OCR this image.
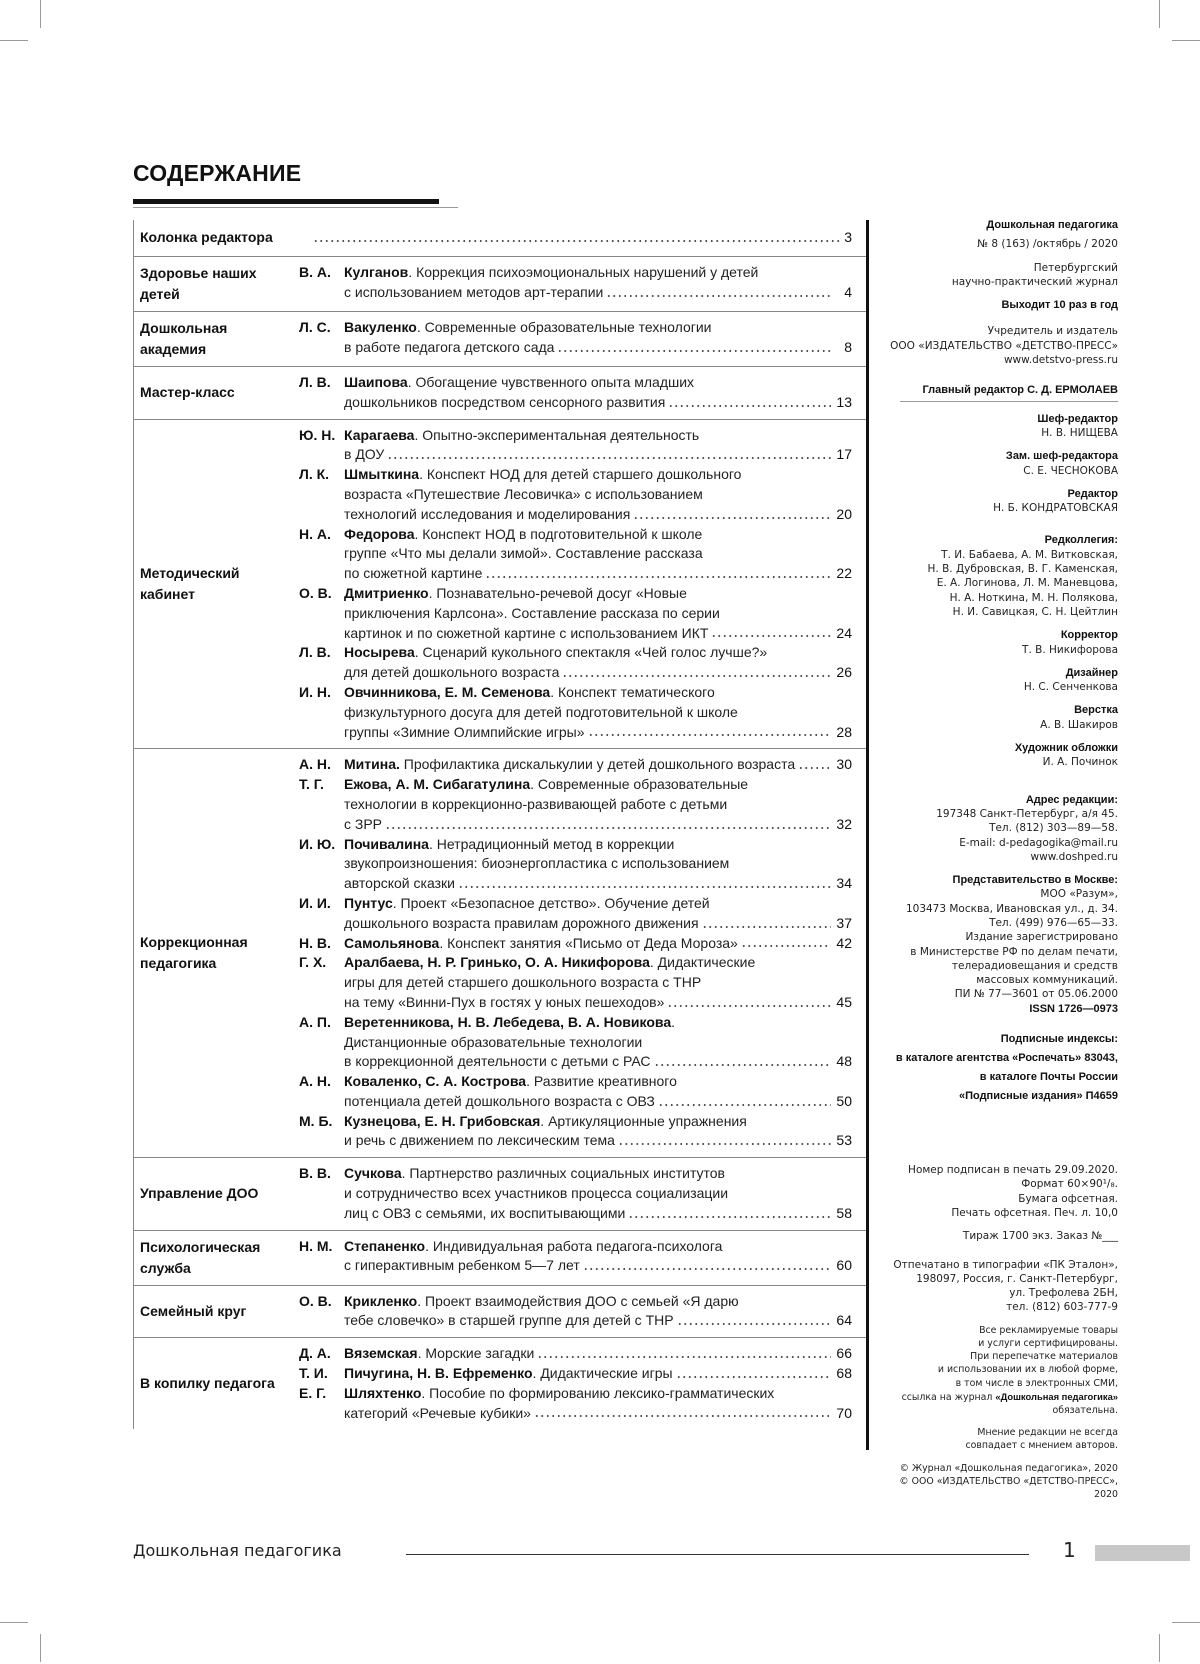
СОДЕРЖАНИЕ
Колонка редактора	3
Здоровье наших детей
В. А. Кулганов. Коррекция психоэмоциональных нарушений у детей
с использованием методов арт-терапии	4
Дошкольная академия
Л. С. Вакуленко. Современные образовательные технологии
в работе педагога детского сада	8
Мастер-класс
Л. В. Шаипова. Обогащение чувственного опыта младших
дошкольников посредством сенсорного развития	13
Методический кабинет
Ю. Н. Карагаева. Опытно-экспериментальная деятельность
в ДОУ	17
Л. К.	Шмыткина. Конспект НОД для детей старшего дошкольного
возраста «Путешествие Лесовичка» с использованием
технологий исследования и моделирования	20
Н. А. Федорова. Конспект НОД в подготовительной к школе
группе «Что мы делали зимой». Составление рассказа
по сюжетной картине	22
О. В. Дмитриенко. Познавательно-речевой досуг «Новые
приключения Карлсона». Составление рассказа по серии
картинок и по сюжетной картине с использованием ИКТ	24
Л. В. Носырева. Сценарий кукольного спектакля «Чей голос лучше?»
для детей дошкольного возраста	26
И. Н. Овчинникова, Е. М. Семенова. Конспект тематического
физкультурного досуга для детей подготовительной к школе
группы «Зимние Олимпийские игры»	28
Коррекционная педагогика
А. Н. Митина. Профилактика дискалькулии у детей дошкольного возраста	30
Т. Г.	Ежова, А. М. Сибагатулина. Современные образовательные
технологии в коррекционно-развивающей работе с детьми
с ЗРР	32
И. Ю. Почивалина. Нетрадиционный метод в коррекции
звукопроизношения: биоэнергопластика с использованием
авторской сказки	34
И. И. Пунтус. Проект «Безопасное детство». Обучение детей
дошкольного возраста правилам дорожного движения	37
Н. В. Самольянова. Конспект занятия «Письмо от Деда Мороза»	42
Г. Х.	Аралбаева, Н. Р. Гринько, О. А. Никифорова. Дидактические
игры для детей старшего дошкольного возраста с ТНР
на тему «Винни-Пух в гостях у юных пешеходов»	45
А. П. Веретенникова, Н. В. Лебедева, В. А. Новикова.
Дистанционные образовательные технологии
в коррекционной деятельности с детьми с РАС	48
А. Н. Коваленко, С. А. Кострова. Развитие креативного
потенциала детей дошкольного возраста с ОВЗ	50
М. Б. Кузнецова, Е. Н. Грибовская. Артикуляционные упражнения
и речь с движением по лексическим тема	53
Управление ДОО
В. В. Сучкова. Партнерство различных социальных институтов
и сотрудничество всех участников процесса социализации
лиц с ОВЗ с семьями, их воспитывающими	58
Психологическая служба
Н. М. Степаненко. Индивидуальная работа педагога-психолога
с гиперактивным ребенком 5—7 лет	60
Семейный круг
О. В. Крикленко. Проект взаимодействия ДОО с семьей «Я дарю
тебе словечко» в старшей группе для детей с ТНР	64
В копилку педагога
Д. А. Вяземская. Морские загадки	66
Т. И.	Пичугина, Н. В. Ефременко. Дидактические игры	68
Е. Г.	Шляхтенко. Пособие по формированию лексико-грамматических
категорий «Речевые кубики»	70
Дошкольная педагогика
№ 8 (163) /октябрь / 2020
Петербургский
научно-практический журнал
Выходит 10 раз в год
Учредитель и издатель
ООО «ИЗДАТЕЛЬСТВО «ДЕТСТВО-ПРЕСС»
www.detstvo-press.ru
Главный редактор С. Д. ЕРМОЛАЕВ
Шеф-редактор
Н. В. НИЩЕВА
Зам. шеф-редактора
С. Е. ЧЕСНОКОВА
Редактор
Н. Б. КОНДРАТОВСКАЯ
Редколлегия:
Т. И. Бабаева, А. М. Витковская,
Н. В. Дубровская, В. Г. Каменская,
Е. А. Логинова, Л. М. Маневцова,
Н. А. Ноткина, М. Н. Полякова,
Н. И. Савицкая, С. Н. Цейтлин
Корректор
Т. В. Никифорова
Дизайнер
Н. С. Сенченкова
Верстка
А. В. Шакиров
Художник обложки
И. А. Починок
Адрес редакции:
197348 Санкт-Петербург, а/я 45.
Тел. (812) 303—89—58.
E-mail: d-pedagogika@mail.ru
www.doshped.ru
Представительство в Москве:
МОО «Разум»,
103473 Москва, Ивановская ул., д. 34.
Тел. (499) 976—65—33.
Издание зарегистрировано
в Министерстве РФ по делам печати,
телерадиовещания и средств
массовых коммуникаций.
ПИ № 77—3601 от 05.06.2000
ISSN 1726—0973
Подписные индексы:
в каталоге агентства «Роспечать» 83043,
в каталоге Почты России
«Подписные издания» П4659
Номер подписан в печать 29.09.2020.
Формат 60×90¹/₈.
Бумага офсетная.
Печать офсетная. Печ. л. 10,0
Тираж 1700 экз. Заказ №___
Отпечатано в типографии «ПК Эталон»,
198097, Россия, г. Санкт-Петербург,
ул. Трефолева 2БН,
тел. (812) 603-777-9
Все рекламируемые товары
и услуги сертифицированы.
При перепечатке материалов
и использовании их в любой форме,
в том числе в электронных СМИ,
ссылка на журнал «Дошкольная педагогика»
обязательна.
Мнение редакции не всегда
совпадает с мнением авторов.
© Журнал «Дошкольная педагогика», 2020
© ООО «ИЗДАТЕЛЬСТВО «ДЕТСТВО-ПРЕСС», 2020
Дошкольная педагогика	1
